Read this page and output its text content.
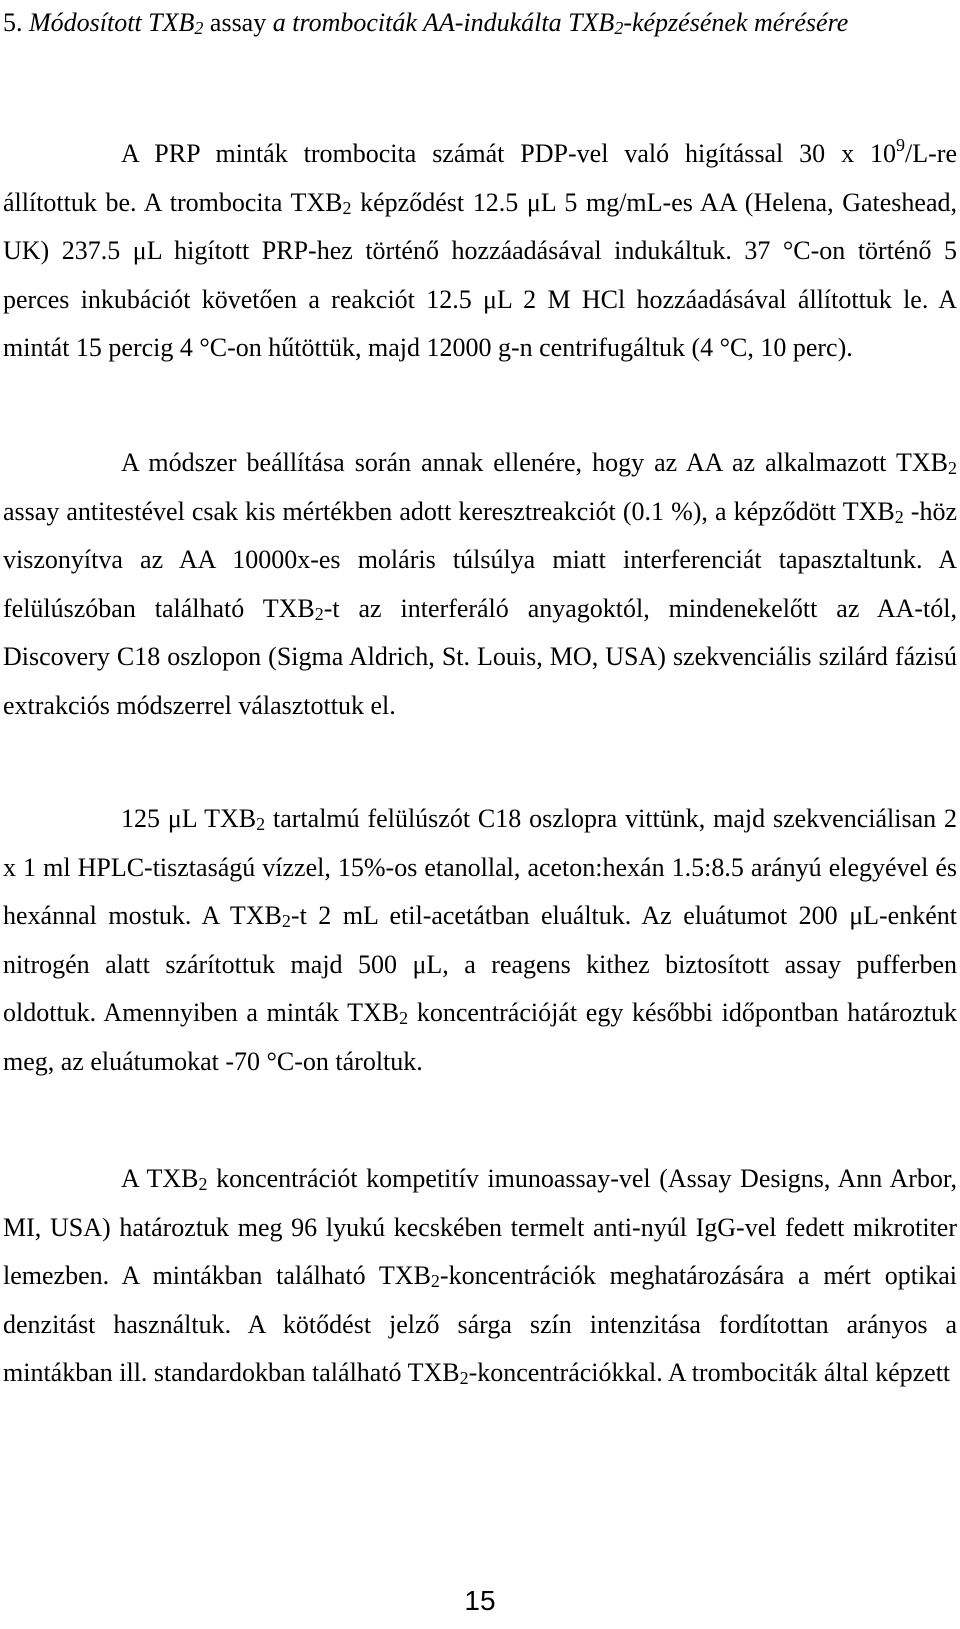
5. Módosított $TXB_2$ assay a trombociták AA-indukálta $TXB_2$-képzésének mérésére

A PRP minták trombocita számát PDP-vel való higítással 30 x $10^9/L-re$ állítottuk be. A trombocita $TXB_2$ képződést 12.5 μL 5 mg/mL-es AA (Helena, Gateshead, UK) 237.5 μL higított PRP-hez történő hozzáadásával indukáltuk. 37 °C-on történő 5 perces inkubációt követően a reakciót 12.5 μL 2 M HCl hozzáadásával állítottuk le. A mintát 15 percig 4 °C-on hűtöttük, majd 12000 g-n centrifugáltuk (4 °C, 10 perc).

A módszer beállítása során annak ellenére, hogy az AA az alkalmazott $TXB_2$ assay antitestével csak kis mértékben adott keresztreakciót (0.1 %), a képződött $TXB_2$ -höz viszonyítva az AA 10000x-es moláris túlsúlya miatt interferenciát tapasztaltunk. A felülúszóban található $TXB_2-t$ az interferáló anyagoktól, mindenekelőtt az AA-tól, Discovery C18 oszlopon (Sigma Aldrich, St. Louis, MO, USA) szekvenciális szilárd fázisú extrakciós módszerrel választottuk el.

125 μL $TXB_2$ tartalmú felülúszót C18 oszlopra vittünk, majd szekvenciálisan 2 x 1 ml HPLC-tisztaságú vízzel, 15%-os etanollal, aceton:hexán 1.5:8.5 arányú elegyével és hexánnal mostuk. A $TXB_2-t$ 2 mL etil-acetátban eluáltuk. Az eluátumot 200 μL-enként nitrogén alatt szárítottuk majd 500 μL, a reagens kithez biztosított assay pufferben oldottuk. Amennyiben a minták $TXB_2$ koncentrációját egy későbbi időpontban határoztuk meg, az eluátumokat -70 °C-on tároltuk.

A $TXB_2$ koncentrációt kompetitív imunoassay-vel (Assay Designs, Ann Arbor, MI, USA) határoztuk meg 96 lyukú kecskében termelt anti-nyúl IgG-vel fedett mikrotiter lemezben. A mintákban található $TXB_2$-koncentrációk meghatározására a mért optikai denzitást használtuk. A kötődést jelző sárga szín intenzitása fordítottan arányos a mintákban ill. standardokban található $TXB_2$-koncentrációkkal. A trombociták által képzett

15
